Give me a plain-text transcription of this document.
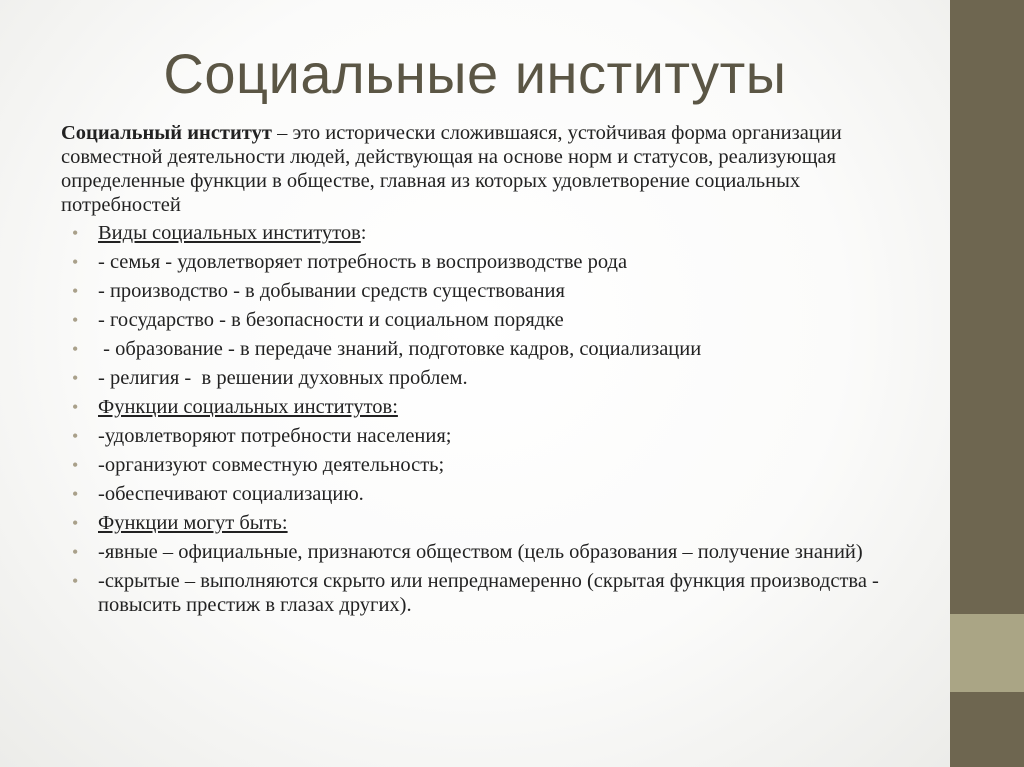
Социальные институты

Социальный институт – это исторически сложившаяся, устойчивая форма организации совместной деятельности людей, действующая на основе норм и статусов, реализующая определенные функции в обществе, главная из которых удовлетворение социальных потребностей

• Виды социальных институтов:
• - семья - удовлетворяет потребность в воспроизводстве рода
• - производство - в добывании средств существования
• - государство - в безопасности и социальном порядке
• - образование - в передаче знаний, подготовке кадров, социализации
• - религия -  в решении духовных проблем.
• Функции социальных институтов:
• -удовлетворяют потребности населения;
• -организуют совместную деятельность;
• -обеспечивают социализацию.
• Функции могут быть:
• -явные – официальные, признаются обществом (цель образования – получение знаний)
• -скрытые – выполняются скрыто или непреднамеренно (скрытая функция производства - повысить престиж в глазах других).
